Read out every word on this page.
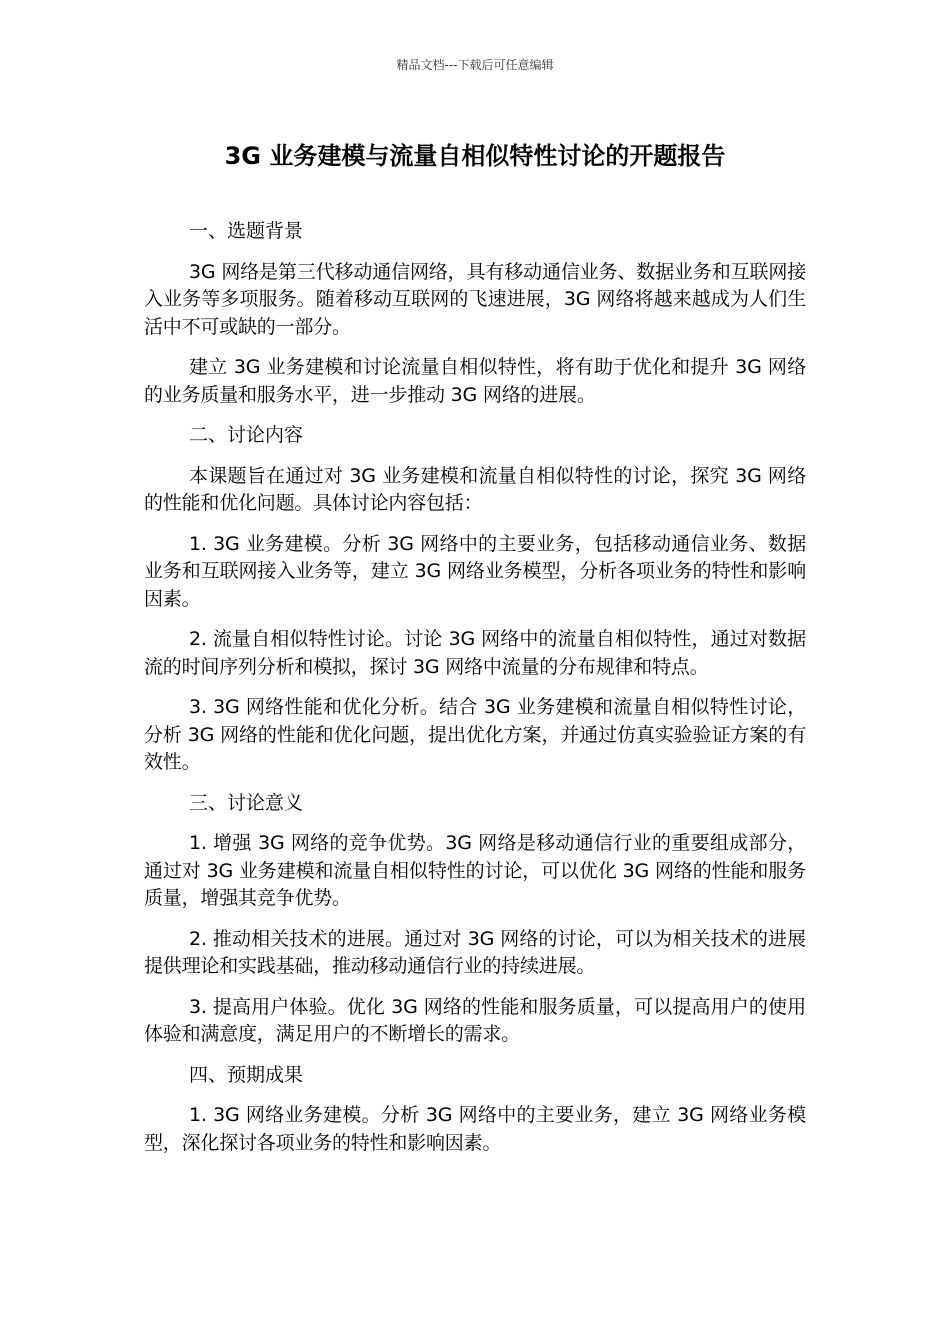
精品文档---下载后可任意编辑
3G 业务建模与流量自相似特性讨论的开题报告

一、选题背景

3G 网络是第三代移动通信网络，具有移动通信业务、数据业务和互联网接入业务等多项服务。随着移动互联网的飞速进展，3G 网络将越来越成为人们生活中不可或缺的一部分。

建立 3G 业务建模和讨论流量自相似特性，将有助于优化和提升 3G 网络的业务质量和服务水平，进一步推动 3G 网络的进展。

二、讨论内容

本课题旨在通过对 3G 业务建模和流量自相似特性的讨论，探究 3G 网络的性能和优化问题。具体讨论内容包括：

1. 3G 业务建模。分析 3G 网络中的主要业务，包括移动通信业务、数据业务和互联网接入业务等，建立 3G 网络业务模型，分析各项业务的特性和影响因素。

2. 流量自相似特性讨论。讨论 3G 网络中的流量自相似特性，通过对数据流的时间序列分析和模拟，探讨 3G 网络中流量的分布规律和特点。

3. 3G 网络性能和优化分析。结合 3G 业务建模和流量自相似特性讨论，分析 3G 网络的性能和优化问题，提出优化方案，并通过仿真实验验证方案的有效性。

三、讨论意义

1. 增强 3G 网络的竞争优势。3G 网络是移动通信行业的重要组成部分，通过对 3G 业务建模和流量自相似特性的讨论，可以优化 3G 网络的性能和服务质量，增强其竞争优势。

2. 推动相关技术的进展。通过对 3G 网络的讨论，可以为相关技术的进展提供理论和实践基础，推动移动通信行业的持续进展。

3. 提高用户体验。优化 3G 网络的性能和服务质量，可以提高用户的使用体验和满意度，满足用户的不断增长的需求。

四、预期成果

1. 3G 网络业务建模。分析 3G 网络中的主要业务，建立 3G 网络业务模型，深化探讨各项业务的特性和影响因素。
